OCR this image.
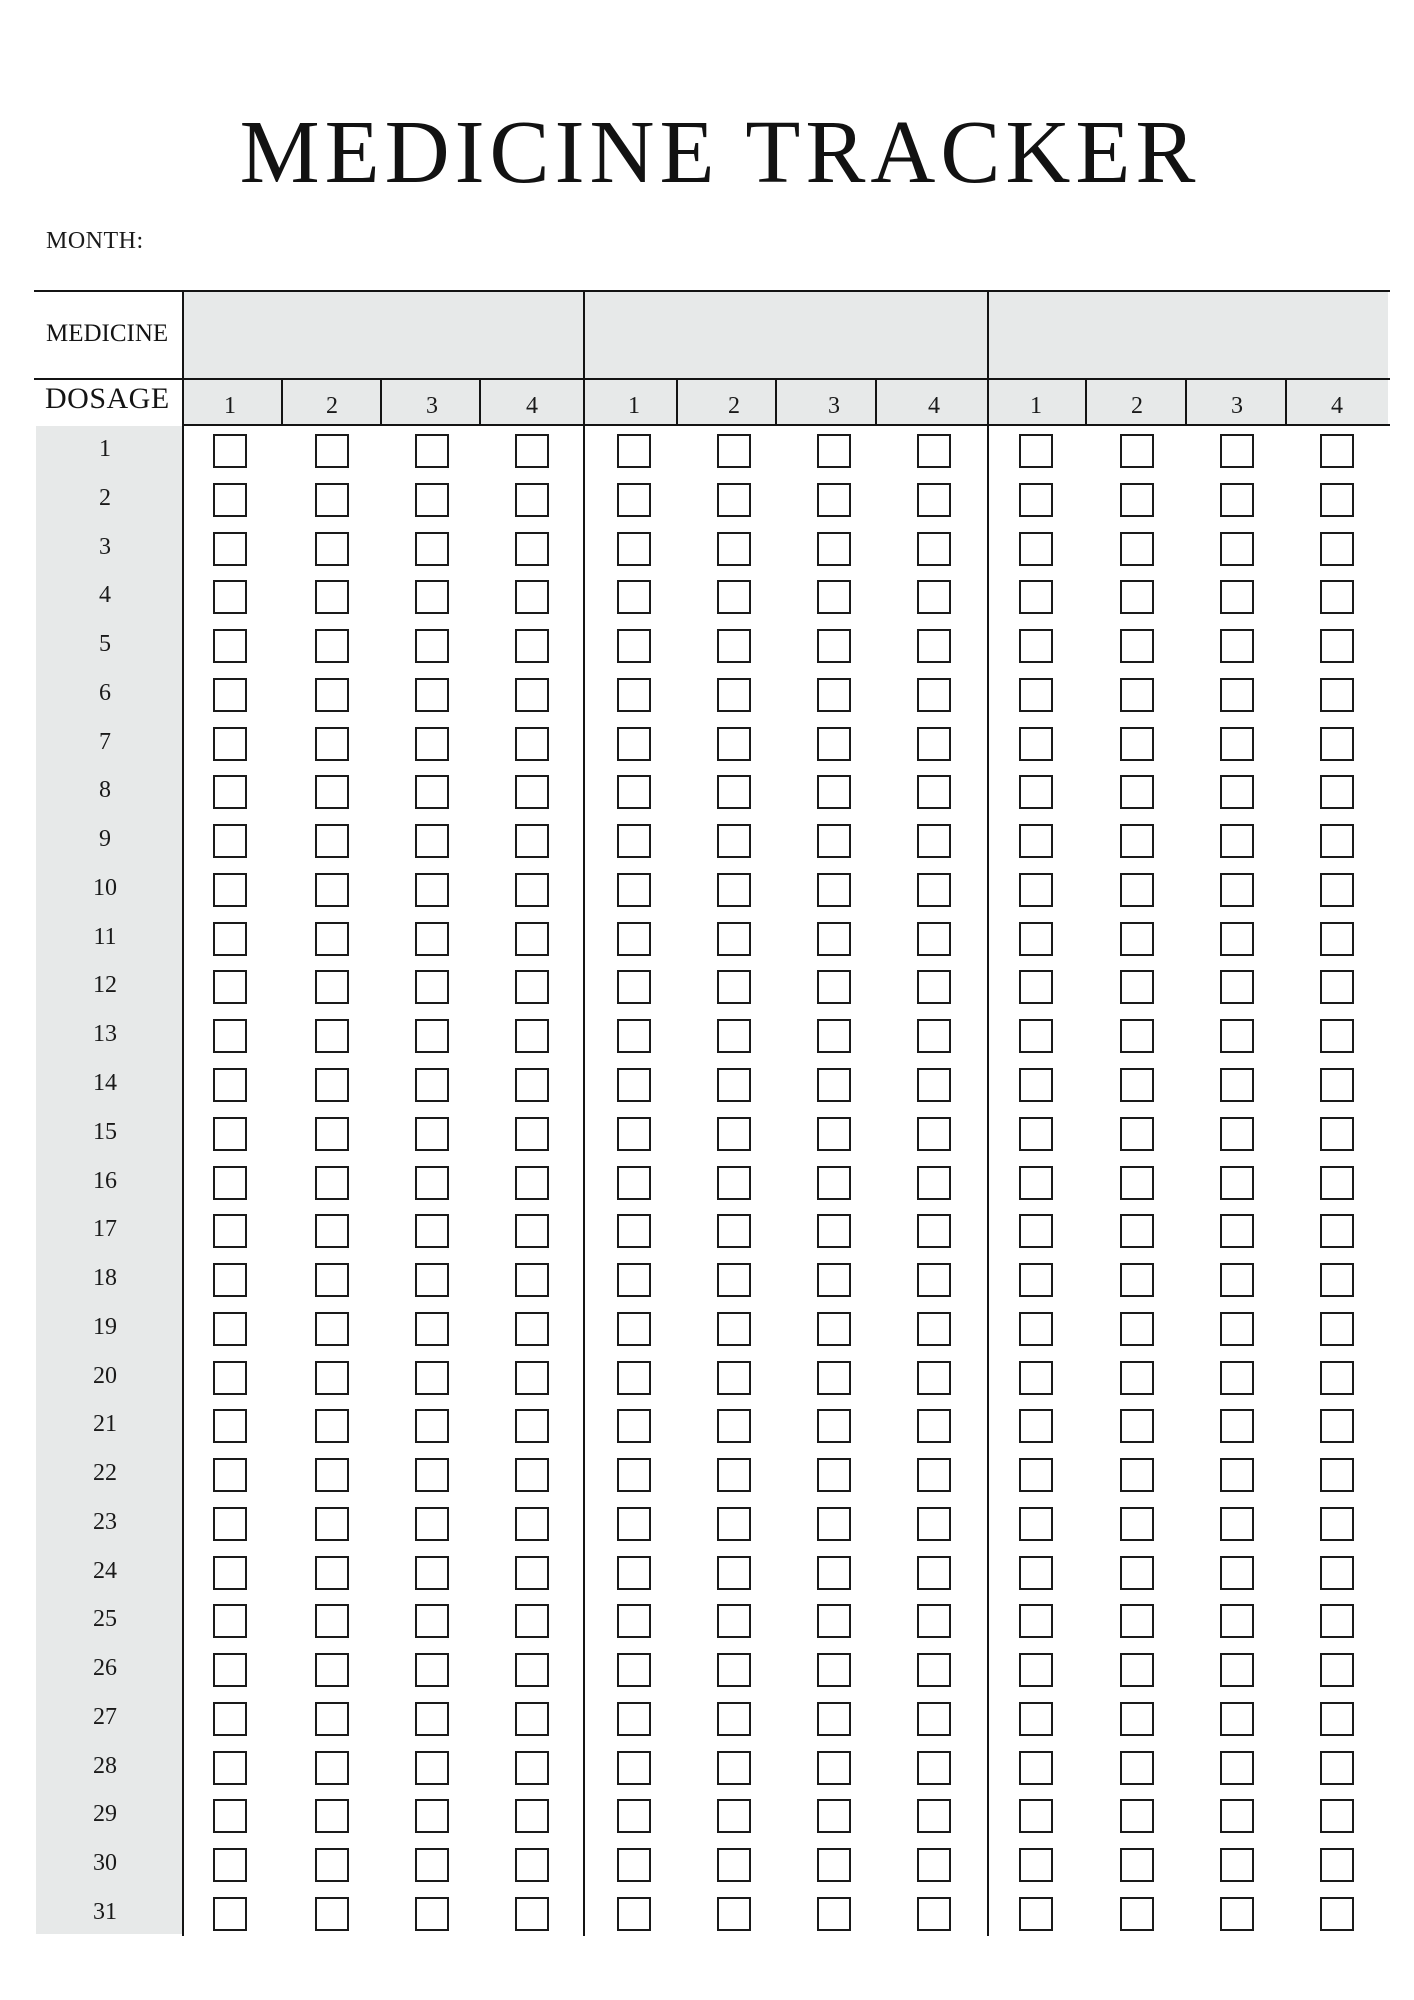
MEDICINE TRACKER
MONTH:
MEDICINE
DOSAGE	1	2	3	4	1	2	3	4	1	2	3	4
1
2
3
4
5
6
7
8
9
10
11
12
13
14
15
16
17
18
19
20
21
22
23
24
25
26
27
28
29
30
31
